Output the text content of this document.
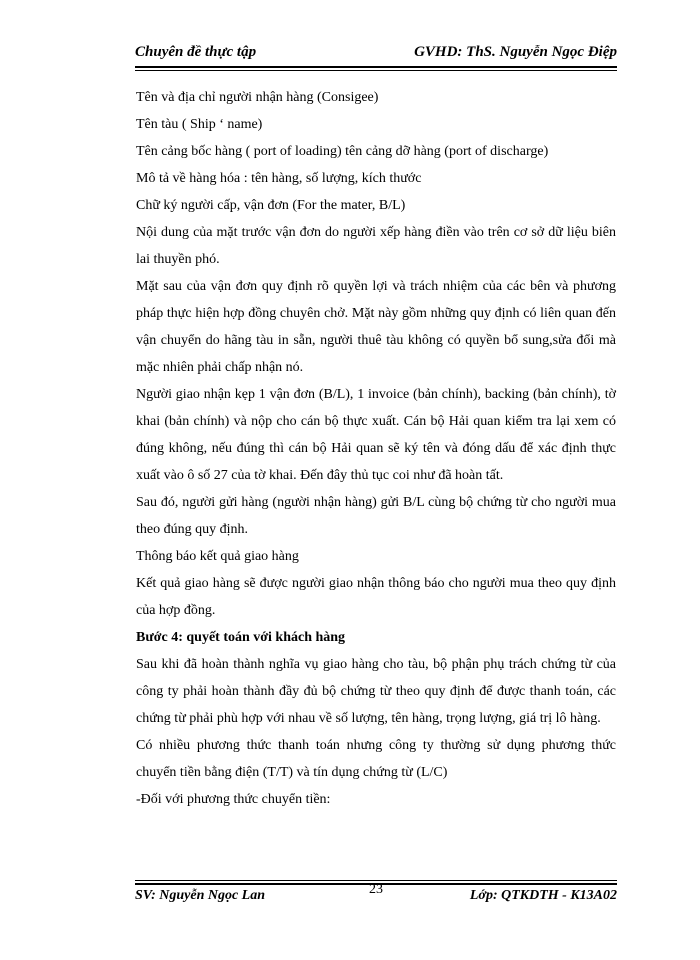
Chuyên đề thực tập	GVHD: ThS. Nguyễn Ngọc Điệp

Tên và địa chỉ người nhận hàng (Consigee)

Tên tàu ( Ship ‘ name)

Tên cảng bốc hàng ( port of loading) tên cảng dỡ hàng (port of discharge)

Mô tả về hàng hóa : tên hàng, số lượng, kích thước

Chữ ký người cấp, vận đơn (For the mater, B/L)

Nội dung của mặt trước vận đơn do người xếp hàng điền vào trên cơ sở dữ liệu biên lai thuyền phó.

Mặt sau của vận đơn quy định rõ quyền lợi và trách nhiệm của các bên và phương pháp thực hiện hợp đồng chuyên chở. Mặt này gồm những quy định có liên quan đến vận chuyển do hãng tàu in sẵn, người thuê tàu không có quyền bổ sung,sửa đổi mà mặc nhiên phải chấp nhận nó.

Người giao nhận kẹp 1 vận đơn (B/L), 1 invoice (bản chính), backing (bản chính), tờ khai (bản chính) và nộp cho cán bộ thực xuất. Cán bộ Hải quan kiểm tra lại xem có đúng không, nếu đúng thì cán bộ Hải quan sẽ ký tên và đóng dấu để xác định thực xuất vào ô số 27 của tờ khai. Đến đây thủ tục coi như đã hoàn tất.

Sau đó, người gửi hàng (người nhận hàng) gửi B/L cùng bộ chứng từ cho người mua theo đúng quy định.

Thông báo kết quả giao hàng

Kết quả giao hàng sẽ được người giao nhận thông báo cho người mua theo quy định của hợp đồng.

Bước 4: quyết toán với khách hàng

Sau khi đã hoàn thành nghĩa vụ giao hàng cho tàu, bộ phận phụ trách chứng từ của công ty phải hoàn thành đầy đủ bộ chứng từ theo quy định để được thanh toán, các chứng từ phải phù hợp với nhau về số lượng, tên hàng, trọng lượng, giá trị lô hàng.

Có nhiều phương thức thanh toán nhưng công ty thường sử dụng phương thức chuyển tiền bằng điện (T/T) và tín dụng chứng từ (L/C)

-Đối với phương thức chuyển tiền:

SV: Nguyễn Ngọc Lan	23	Lớp: QTKDTH - K13A02
